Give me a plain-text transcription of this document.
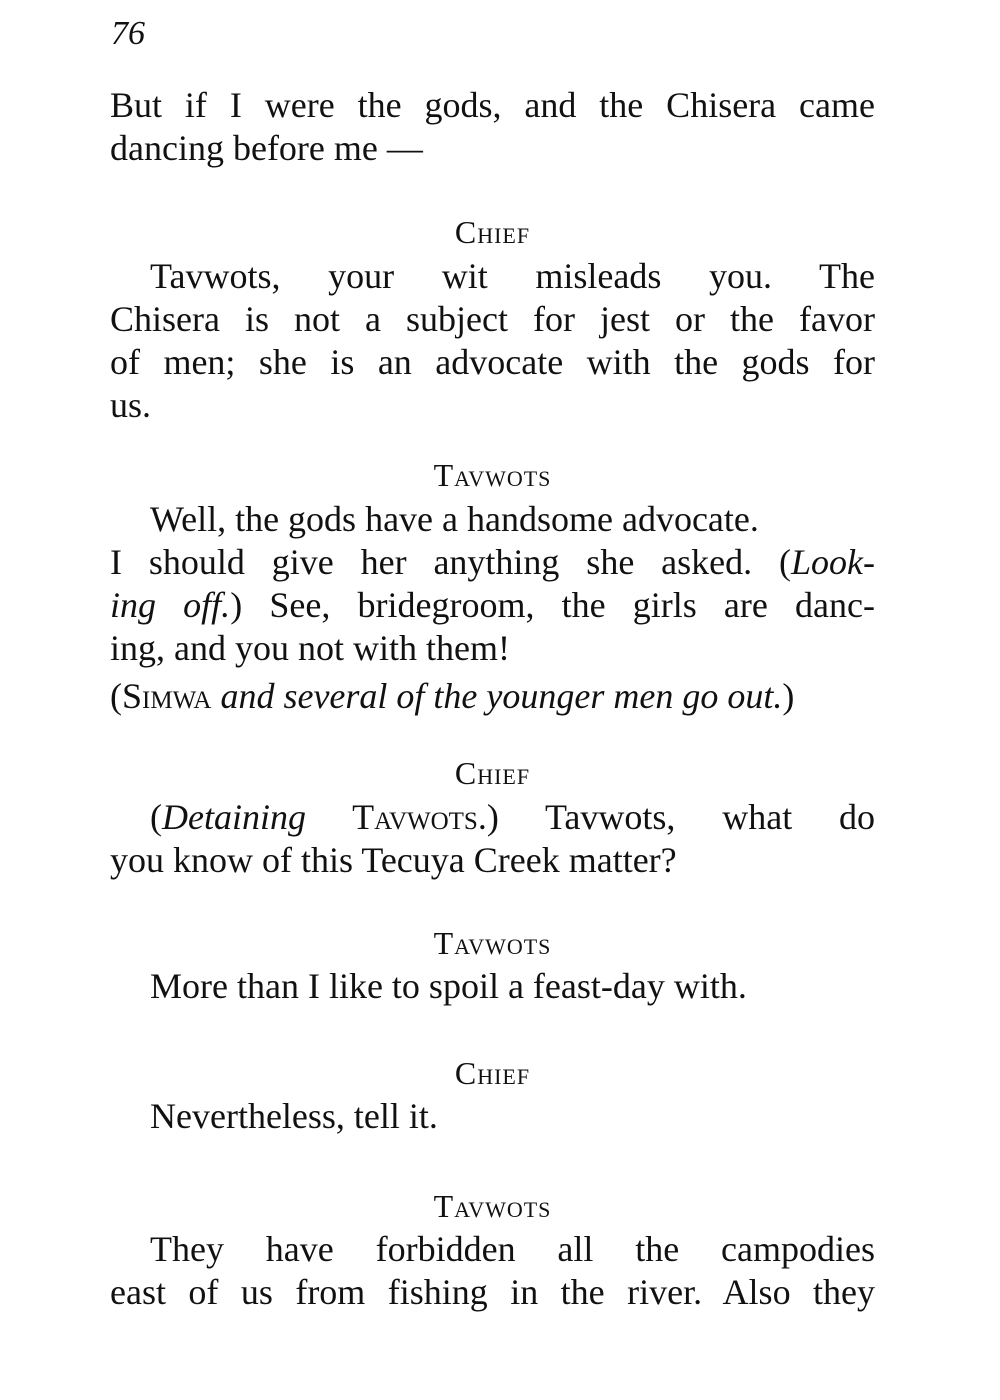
76
But if I were the gods, and the Chisera came
dancing before me —
Chief
Tavwots, your wit misleads you. The
Chisera is not a subject for jest or the favor
of men; she is an advocate with the gods for
us.
Tavwots
Well, the gods have a handsome advocate.
I should give her anything she asked. (Look-
ing off.) See, bridegroom, the girls are danc-
ing, and you not with them!
(Simwa and several of the younger men go out.)
Chief
(Detaining Tavwots.) Tavwots, what do
you know of this Tecuya Creek matter?
Tavwots
More than I like to spoil a feast-day with.
Chief
Nevertheless, tell it.
Tavwots
They have forbidden all the campodies
east of us from fishing in the river. Also they
